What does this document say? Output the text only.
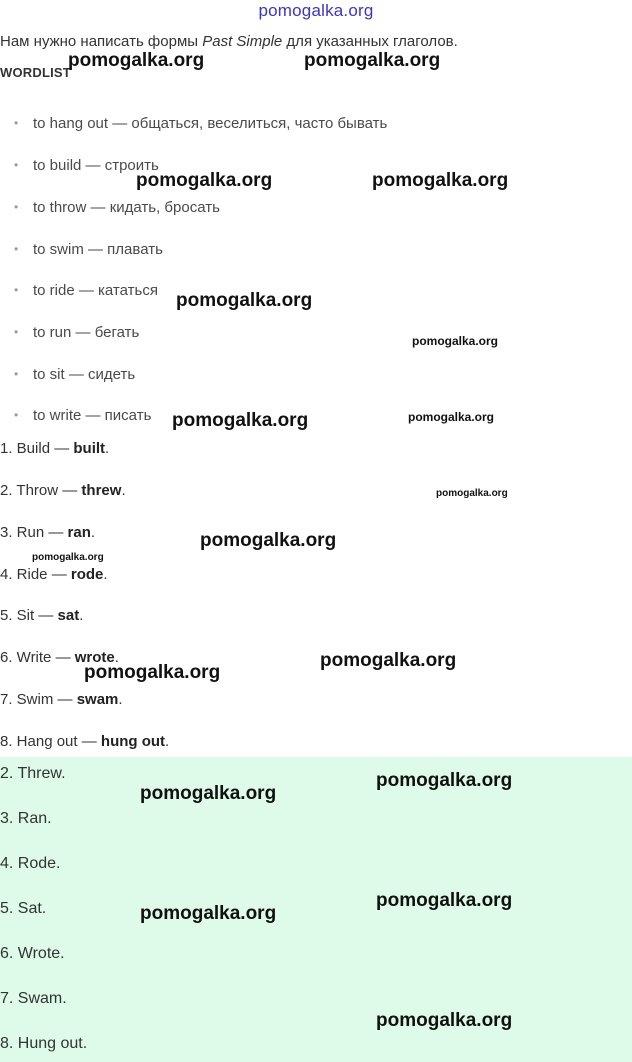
pomogalka.org
Нам нужно написать формы Past Simple для указанных глаголов.
WORDLIST
• to hang out — общаться, веселиться, часто бывать
• to build — строить
• to throw — кидать, бросать
• to swim — плавать
• to ride — кататься
• to run — бегать
• to sit — сидеть
• to write — писать
1. Build — built.
2. Throw — threw.
3. Run — ran.
4. Ride — rode.
5. Sit — sat.
6. Write — wrote.
7. Swim — swam.
8. Hang out — hung out.
2. Threw.
3. Ran.
4. Rode.
5. Sat.
6. Wrote.
7. Swam.
8. Hung out.
pomogalka.org	pomogalka.org
pomogalka.org	pomogalka.org
pomogalka.org
pomogalka.org
pomogalka.org	pomogalka.org
pomogalka.org
pomogalka.org
pomogalka.org
pomogalka.org
pomogalka.org
pomogalka.org
pomogalka.org
pomogalka.org
pomogalka.org
pomogalka.org
